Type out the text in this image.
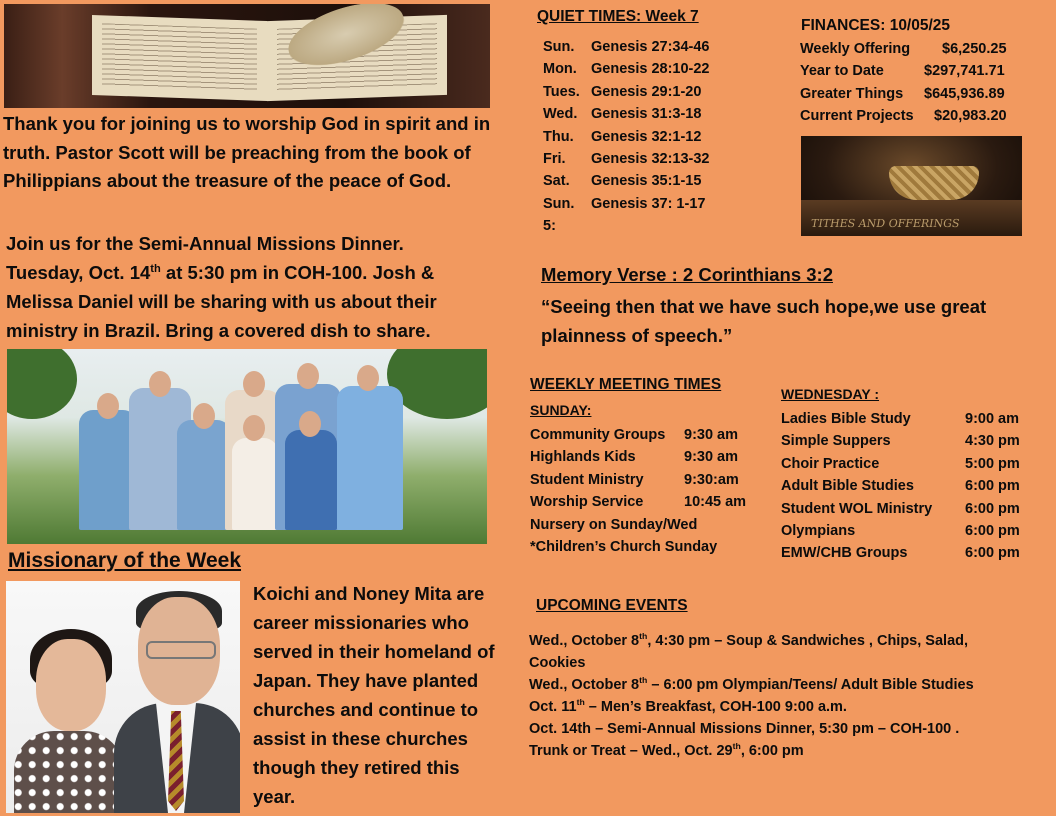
TITHES AND OFFERINGS
Thank you for joining us to worship God in spirit and in truth. Pastor Scott will be preaching from the book of Philippians about the treasure of the peace of God.
Join us for the Semi-Annual Missions Dinner.
Tuesday, Oct. 14th at 5:30 pm in COH-100. Josh & Melissa Daniel will be sharing with us about their ministry in Brazil. Bring a covered dish to share.
Missionary of the Week
Koichi and Noney Mita are career missionaries who served in their homeland of Japan. They have planted churches and continue to assist in these churches though they retired this year.
QUIET TIMES: Week 7
Sun. Genesis 27:34-46
Mon. Genesis 28:10-22
Tues. Genesis 29:1-20
Wed. Genesis 31:3-18
Thu. Genesis 32:1-12
Fri. Genesis 32:13-32
Sat. Genesis 35:1-15
Sun. Genesis 37: 1-17
5:
FINANCES: 10/05/25
Weekly Offering $6,250.25
Year to Date	$297,741.71
Greater Things $645,936.89
Current Projects $20,983.20
Memory Verse : 2 Corinthians 3:2
“Seeing then that we have such hope,we use great plainness of speech.”
WEEKLY MEETING TIMES
SUNDAY:
Community Groups 9:30 am
Highlands Kids	9:30 am
Student Ministry	9:30:am
Worship Service	10:45 am
Nursery on Sunday/Wed
*Children’s Church Sunday
WEDNESDAY :
Ladies Bible Study	9:00 am
Simple Suppers	4:30 pm
Choir Practice	5:00 pm
Adult Bible Studies	6:00 pm
Student WOL Ministry 6:00 pm
Olympians	6:00 pm
EMW/CHB Groups	6:00 pm
UPCOMING EVENTS
Wed., October 8th, 4:30 pm – Soup & Sandwiches , Chips, Salad, Cookies
Wed., October 8th – 6:00 pm Olympian/Teens/ Adult Bible Studies
Oct. 11th – Men’s Breakfast, COH-100 9:00 a.m.
Oct. 14th – Semi-Annual Missions Dinner, 5:30 pm – COH-100 .
Trunk or Treat – Wed., Oct. 29th, 6:00 pm
